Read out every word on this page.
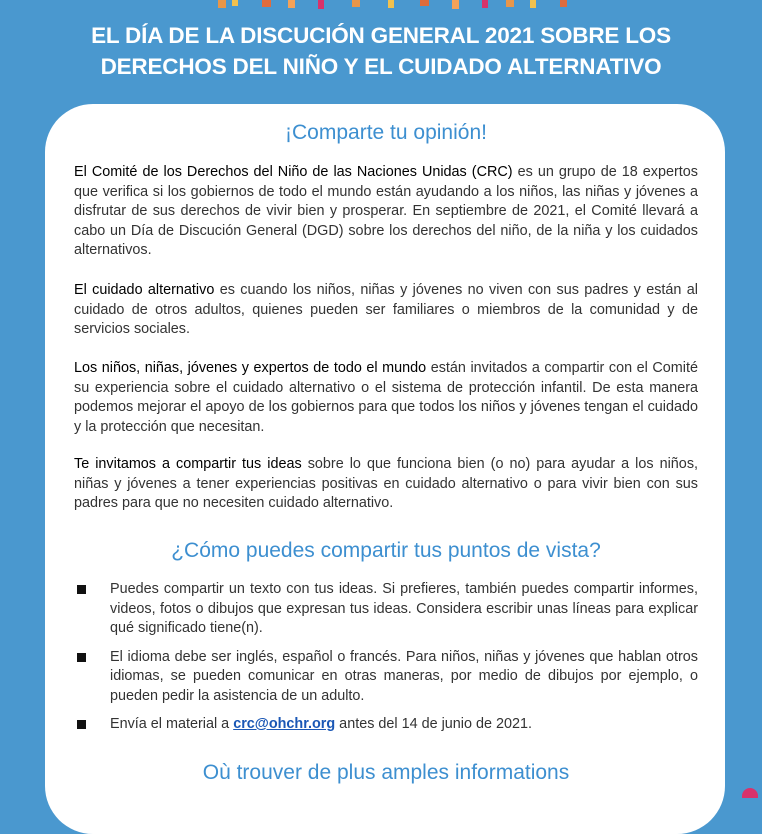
EL DÍA DE LA DISCUCIÓN GENERAL 2021 SOBRE LOS
DERECHOS DEL NIÑO Y EL CUIDADO ALTERNATIVO
¡Comparte tu opinión!

El Comité de los Derechos del Niño de las Naciones Unidas (CRC) es un grupo de 18 expertos que verifica si los gobiernos de todo el mundo están ayudando a los niños, las niñas y jóvenes a disfrutar de sus derechos de vivir bien y prosperar. En septiembre de 2021, el Comité llevará a cabo un Día de Discución General (DGD) sobre los derechos del niño, de la niña y los cuidados alternativos.

El cuidado alternativo es cuando los niños, niñas y jóvenes no viven con sus padres y están al cuidado de otros adultos, quienes pueden ser familiares o miembros de la comunidad y de servicios sociales.

Los niños, niñas, jóvenes y expertos de todo el mundo están invitados a compartir con el Comité su experiencia sobre el cuidado alternativo o el sistema de protección infantil. De esta manera podemos mejorar el apoyo de los gobiernos para que todos los niños y jóvenes tengan el cuidado y la protección que necesitan.

Te invitamos a compartir tus ideas sobre lo que funciona bien (o no) para ayudar a los niños, niñas y jóvenes a tener experiencias positivas en cuidado alternativo o para vivir bien con sus padres para que no necesiten cuidado alternativo.

¿Cómo puedes compartir tus puntos de vista?
Puedes compartir un texto con tus ideas. Si prefieres, también puedes compartir informes, videos, fotos o dibujos que expresan tus ideas. Considera escribir unas líneas para explicar qué significado tiene(n).
El idioma debe ser inglés, español o francés. Para niños, niñas y jóvenes que hablan otros idiomas, se pueden comunicar en otras maneras, por medio de dibujos por ejemplo, o pueden pedir la asistencia de un adulto.
Envía el material a crc@ohchr.org antes del 14 de junio de 2021.
Où trouver de plus amples informations
